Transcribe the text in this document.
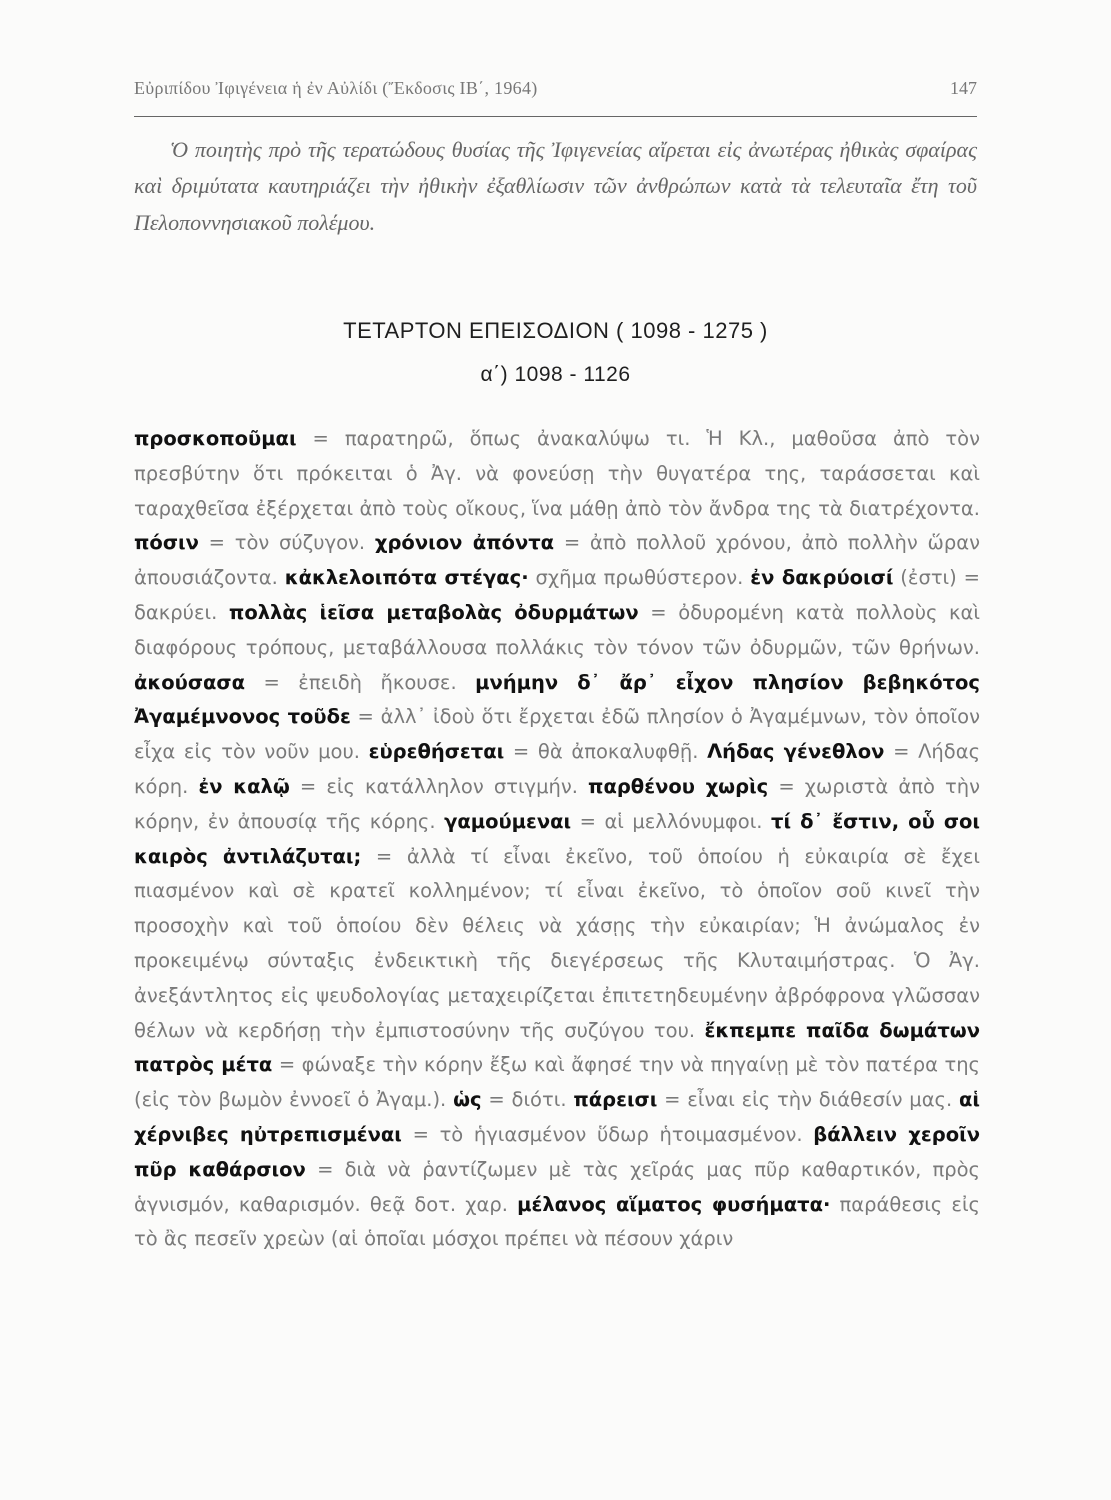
Εὐριπίδου Ἰφιγένεια ἡ ἐν Αὐλίδι (Ἔκδοσις ΙΒ΄, 1964)	147

Ὁ ποιητὴς πρὸ τῆς τερατώδους θυσίας τῆς Ἰφιγενείας αἴρεται εἰς ἀνωτέρας ἠθικὰς σφαίρας καὶ δριμύτατα καυτηριάζει τὴν ἠθικὴν ἐξαθλίωσιν τῶν ἀνθρώπων κατὰ τὰ τελευταῖα ἔτη τοῦ Πελοποννησιακοῦ πολέμου.

ΤΕΤΑΡΤΟΝ ΕΠΕΙΣΟΔΙΟΝ ( 1098 - 1275 )
α΄) 1098 - 1126

προσκοποῦμαι = παρατηρῶ, ὅπως ἀνακαλύψω τι. Ἡ Κλ., μαθοῦσα ἀπὸ τὸν πρεσβύτην ὅτι πρόκειται ὁ Ἀγ. νὰ φονεύσῃ τὴν θυγατέρα της, ταράσσεται καὶ ταραχθεῖσα ἐξέρχεται ἀπὸ τοὺς οἴκους, ἵνα μάθῃ ἀπὸ τὸν ἄνδρα της τὰ διατρέχοντα. πόσιν = τὸν σύζυγον. χρόνιον ἀπόντα = ἀπὸ πολλοῦ χρόνου, ἀπὸ πολλὴν ὥραν ἀπουσιάζοντα. κἀκλελοιπότα στέγας· σχῆμα πρωθύστερον. ἐν δακρύοισί (ἐστι) = δακρύει. πολλὰς ἱεῖσα μεταβολὰς ὀδυρμάτων = ὀδυρομένη κατὰ πολλοὺς καὶ διαφόρους τρόπους, μεταβάλλουσα πολλάκις τὸν τόνον τῶν ὀδυρμῶν, τῶν θρήνων. ἀκούσασα = ἐπειδὴ ἤκουσε. μνήμην δ᾽ ἄρ᾽ εἶχον πλησίον βεβηκότος Ἀγαμέμνονος τοῦδε = ἀλλ᾽ ἰδοὺ ὅτι ἔρχεται ἐδῶ πλησίον ὁ Ἀγαμέμνων, τὸν ὁποῖον εἶχα εἰς τὸν νοῦν μου. εὑρεθήσεται = θὰ ἀποκαλυφθῇ. Λήδας γένεθλον = Λήδας κόρη. ἐν καλῷ = εἰς κατάλληλον στιγμήν. παρθένου χωρὶς = χωριστὰ ἀπὸ τὴν κόρην, ἐν ἀπουσίᾳ τῆς κόρης. γαμούμεναι = αἱ μελλόνυμφοι. τί δ᾽ ἔστιν, οὗ σοι καιρὸς ἀντιλάζυται; = ἀλλὰ τί εἶναι ἐκεῖνο, τοῦ ὁποίου ἡ εὐκαιρία σὲ ἔχει πιασμένον καὶ σὲ κρατεῖ κολλημένον; τί εἶναι ἐκεῖνο, τὸ ὁποῖον σοῦ κινεῖ τὴν προσοχὴν καὶ τοῦ ὁποίου δὲν θέλεις νὰ χάσῃς τὴν εὐκαιρίαν; Ἡ ἀνώμαλος ἐν προκειμένῳ σύνταξις ἐνδεικτικὴ τῆς διεγέρσεως τῆς Κλυταιμήστρας. Ὁ Ἀγ. ἀνεξάντλητος εἰς ψευδολογίας μεταχειρίζεται ἐπιτετηδευμένην ἀβρόφρονα γλῶσσαν θέλων νὰ κερδήσῃ τὴν ἐμπιστοσύνην τῆς συζύγου του. ἔκπεμπε παῖδα δωμάτων πατρὸς μέτα = φώναξε τὴν κόρην ἔξω καὶ ἄφησέ την νὰ πηγαίνῃ μὲ τὸν πατέρα της (εἰς τὸν βωμὸν ἐννοεῖ ὁ Ἀγαμ.). ὡς = διότι. πάρεισι = εἶναι εἰς τὴν διάθεσίν μας. αἱ χέρνιβες ηὐτρεπισμέναι = τὸ ἡγιασμένον ὕδωρ ἡτοιμασμένον. βάλλειν χεροῖν πῦρ καθάρσιον = διὰ νὰ ῥαντίζωμεν μὲ τὰς χεῖράς μας πῦρ καθαρτικόν, πρὸς ἁγνισμόν, καθαρισμόν. θεᾷ δοτ. χαρ. μέλανος αἵματος φυσήματα· παράθεσις εἰς τὸ ἂς πεσεῖν χρεὼν (αἱ ὁποῖαι μόσχοι πρέπει νὰ πέσουν χάριν
